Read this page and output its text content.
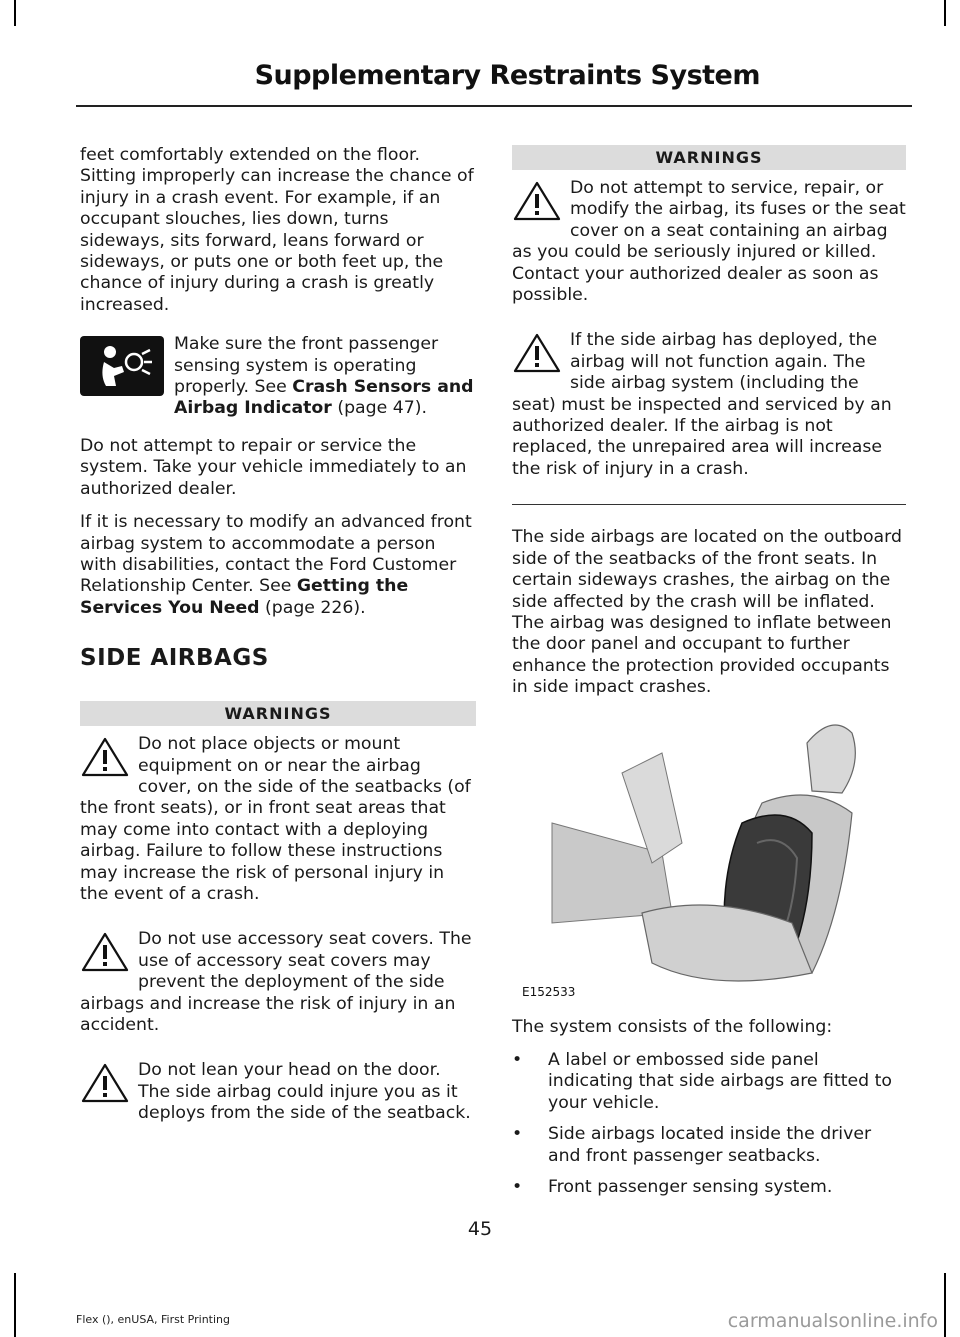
Supplementary Restraints System

feet comfortably extended on the floor. Sitting improperly can increase the chance of injury in a crash event. For example, if an occupant slouches, lies down, turns sideways, sits forward, leans forward or sideways, or puts one or both feet up, the chance of injury during a crash is greatly increased.

Make sure the front passenger sensing system is operating properly. See Crash Sensors and Airbag Indicator (page 47).

Do not attempt to repair or service the system. Take your vehicle immediately to an authorized dealer.

If it is necessary to modify an advanced front airbag system to accommodate a person with disabilities, contact the Ford Customer Relationship Center. See Getting the Services You Need (page 226).

SIDE AIRBAGS
WARNINGS

Do not place objects or mount equipment on or near the airbag cover, on the side of the seatbacks (of the front seats), or in front seat areas that may come into contact with a deploying airbag. Failure to follow these instructions may increase the risk of personal injury in the event of a crash.

Do not use accessory seat covers. The use of accessory seat covers may prevent the deployment of the side airbags and increase the risk of injury in an accident.

Do not lean your head on the door. The side airbag could injure you as it deploys from the side of the seatback.

WARNINGS

Do not attempt to service, repair, or modify the airbag, its fuses or the seat cover on a seat containing an airbag as you could be seriously injured or killed. Contact your authorized dealer as soon as possible.

If the side airbag has deployed, the airbag will not function again. The side airbag system (including the seat) must be inspected and serviced by an authorized dealer. If the airbag is not replaced, the unrepaired area will increase the risk of injury in a crash.

The side airbags are located on the outboard side of the seatbacks of the front seats. In certain sideways crashes, the airbag on the side affected by the crash will be inflated. The airbag was designed to inflate between the door panel and occupant to further enhance the protection provided occupants in side impact crashes.

E152533

The system consists of the following:

• A label or embossed side panel indicating that side airbags are fitted to your vehicle.
• Side airbags located inside the driver and front passenger seatbacks.
• Front passenger sensing system.
45
Flex (), enUSA, First Printing	carmanualsonline.info
